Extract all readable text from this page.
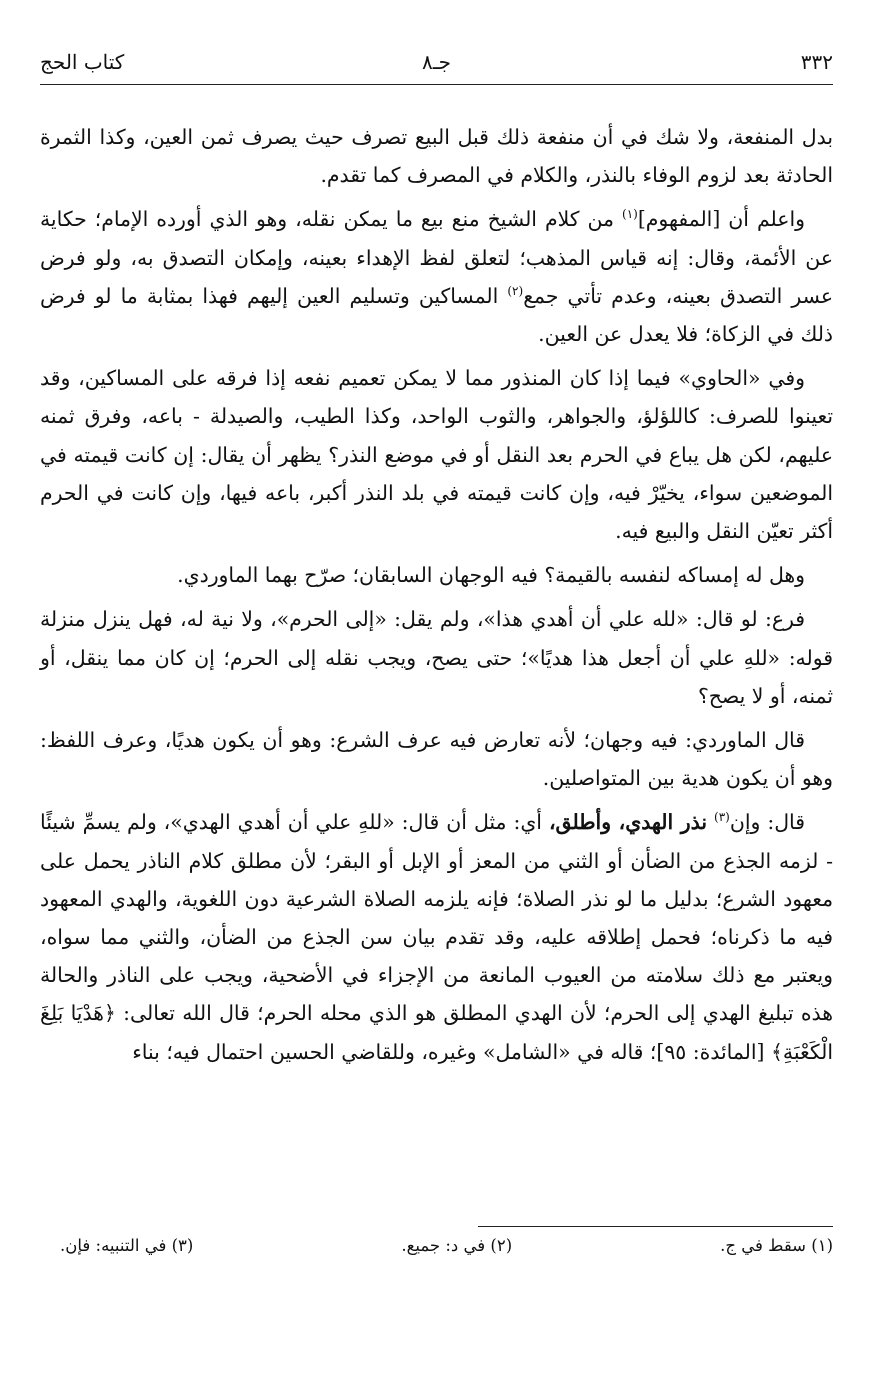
٣٣٢
جـ٨
كتاب الحج

بدل المنفعة، ولا شك في أن منفعة ذلك قبل البيع تصرف حيث يصرف ثمن العين، وكذا الثمرة الحادثة بعد لزوم الوفاء بالنذر، والكلام في المصرف كما تقدم.

واعلم أن [المفهوم]$^{(١)}$ من كلام الشيخ منع بيع ما يمكن نقله، وهو الذي أورده الإمام؛ حكاية عن الأئمة، وقال: إنه قياس المذهب؛ لتعلق لفظ الإهداء بعينه، وإمكان التصدق به، ولو فرض عسر التصدق بعينه، وعدم تأتي جمع$^{(٢)}$ المساكين وتسليم العين إليهم فهذا بمثابة ما لو فرض ذلك في الزكاة؛ فلا يعدل عن العين.

وفي «الحاوي» فيما إذا كان المنذور مما لا يمكن تعميم نفعه إذا فرقه على المساكين، وقد تعينوا للصرف: كاللؤلؤ، والجواهر، والثوب الواحد، وكذا الطيب، والصيدلة - باعه، وفرق ثمنه عليهم، لكن هل يباع في الحرم بعد النقل أو في موضع النذر؟ يظهر أن يقال: إن كانت قيمته في الموضعين سواء، يخيّرْ فيه، وإن كانت قيمته في بلد النذر أكبر، باعه فيها، وإن كانت في الحرم أكثر تعيّن النقل والبيع فيه.

وهل له إمساكه لنفسه بالقيمة؟ فيه الوجهان السابقان؛ صرّح بهما الماوردي.

فرع: لو قال: «لله علي أن أهدي هذا»، ولم يقل: «إلى الحرم»، ولا نية له، فهل ينزل منزلة قوله: «للهِ علي أن أجعل هذا هديًا»؛ حتى يصح، ويجب نقله إلى الحرم؛ إن كان مما ينقل، أو ثمنه، أو لا يصح؟

قال الماوردي: فيه وجهان؛ لأنه تعارض فيه عرف الشرع: وهو أن يكون هديًا، وعرف اللفظ: وهو أن يكون هدية بين المتواصلين.

قال: وإن$^{(٣)}$ نذر الهدي، وأطلق، أي: مثل أن قال: «للهِ علي أن أهدي الهدي»، ولم يسمِّ شيئًا - لزمه الجذع من الضأن أو الثني من المعز أو الإبل أو البقر؛ لأن مطلق كلام الناذر يحمل على معهود الشرع؛ بدليل ما لو نذر الصلاة؛ فإنه يلزمه الصلاة الشرعية دون اللغوية، والهدي المعهود فيه ما ذكرناه؛ فحمل إطلاقه عليه، وقد تقدم بيان سن الجذع من الضأن، والثني مما سواه، ويعتبر مع ذلك سلامته من العيوب المانعة من الإجزاء في الأضحية، ويجب على الناذر والحالة هذه تبليغ الهدي إلى الحرم؛ لأن الهدي المطلق هو الذي محله الحرم؛ قال الله تعالى: ﴿هَدْيَا بَلِغَ الْكَعْبَةِ﴾ [المائدة: ٩٥]؛ قاله في «الشامل» وغيره، وللقاضي الحسين احتمال فيه؛ بناء

(١) سقط في ج.
(٢) في د: جميع.
(٣) في التنبيه: فإن.
